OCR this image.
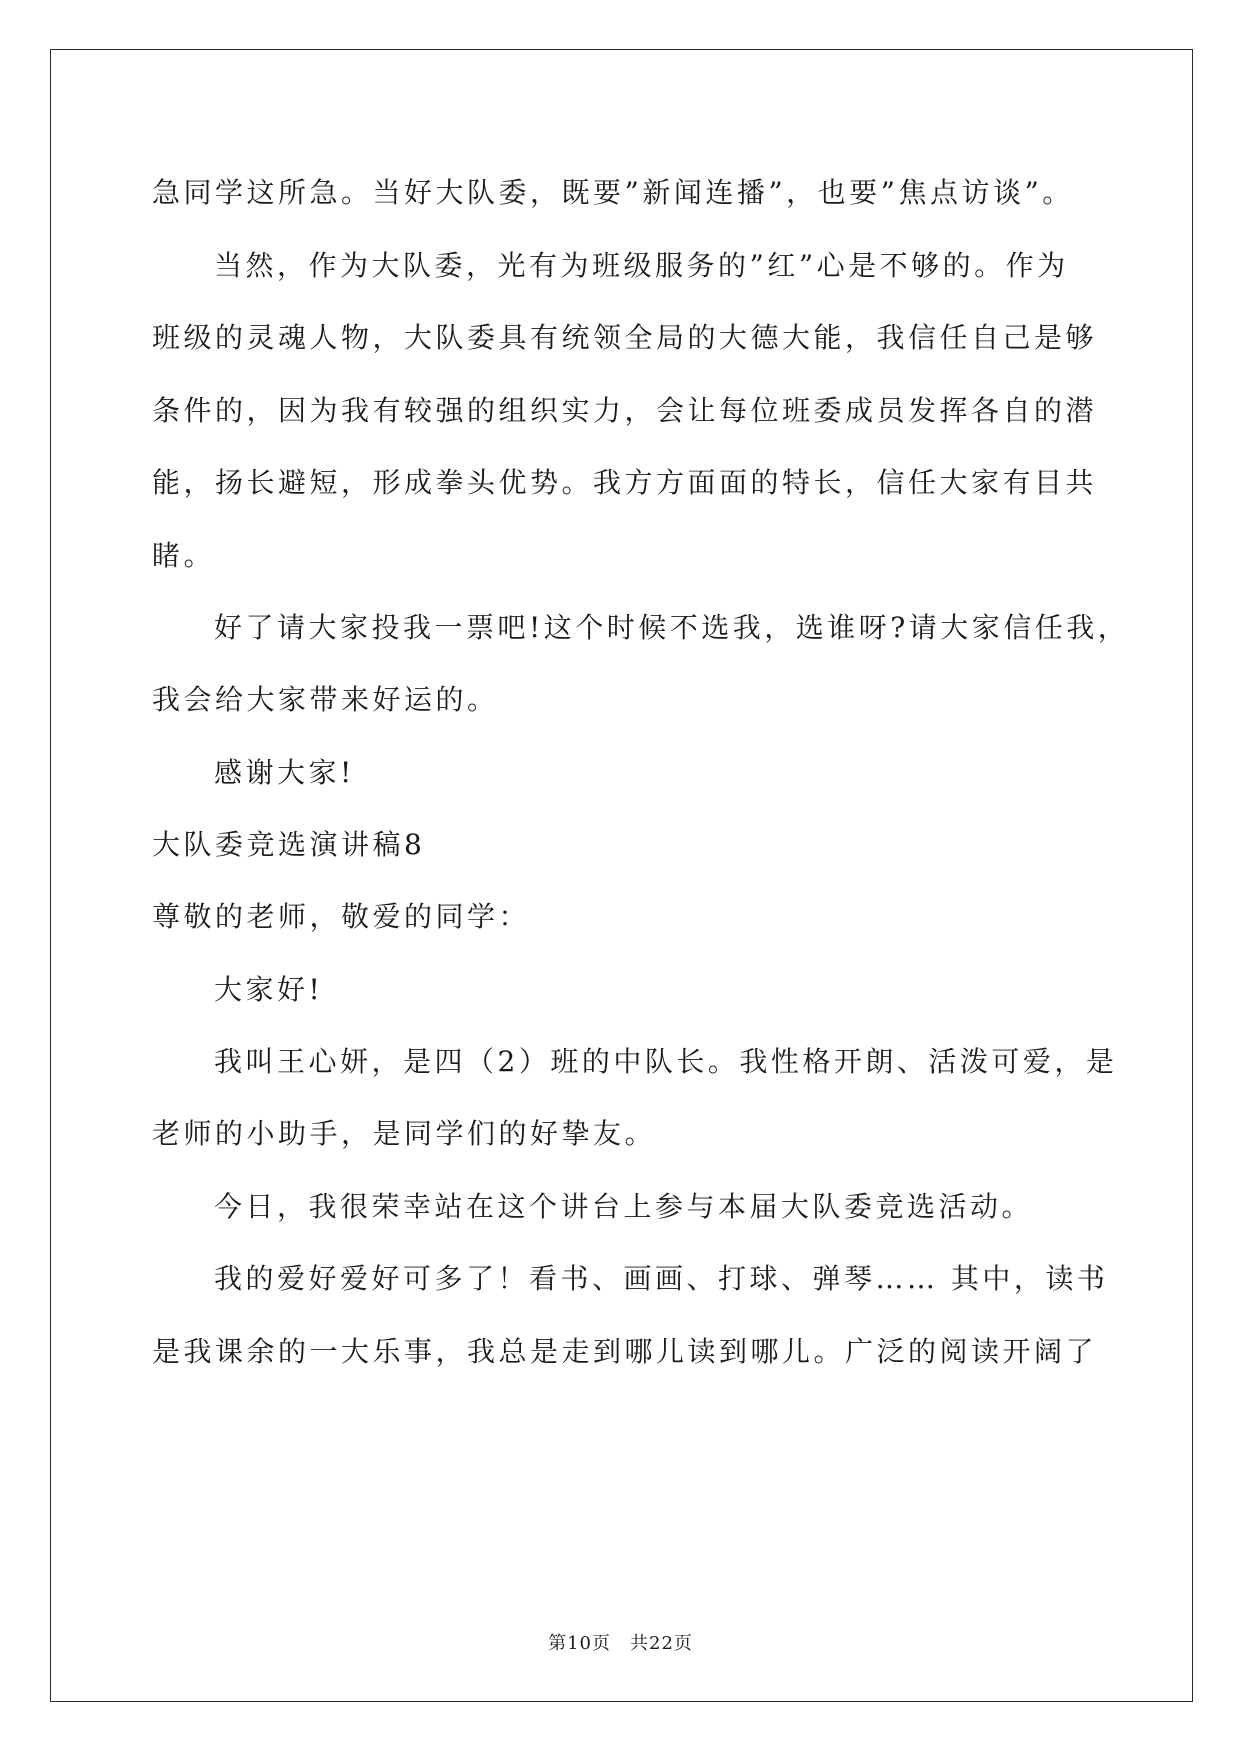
急同学这所急。当好大队委，既要”新闻连播”，也要”焦点访谈”。
当然，作为大队委，光有为班级服务的”红”心是不够的。作为
班级的灵魂人物，大队委具有统领全局的大德大能，我信任自己是够
条件的，因为我有较强的组织实力，会让每位班委成员发挥各自的潜
能，扬长避短，形成拳头优势。我方方面面的特长，信任大家有目共
睹。
好了请大家投我一票吧!这个时候不选我，选谁呀?请大家信任我，
我会给大家带来好运的。
感谢大家!
大队委竞选演讲稿8
尊敬的老师，敬爱的同学：
大家好!
我叫王心妍，是四（2）班的中队长。我性格开朗、活泼可爱，是
老师的小助手，是同学们的好挚友。
今日，我很荣幸站在这个讲台上参与本届大队委竞选活动。
我的爱好爱好可多了！看书、画画、打球、弹琴…… 其中，读书
是我课余的一大乐事，我总是走到哪儿读到哪儿。广泛的阅读开阔了
第10页　共22页
